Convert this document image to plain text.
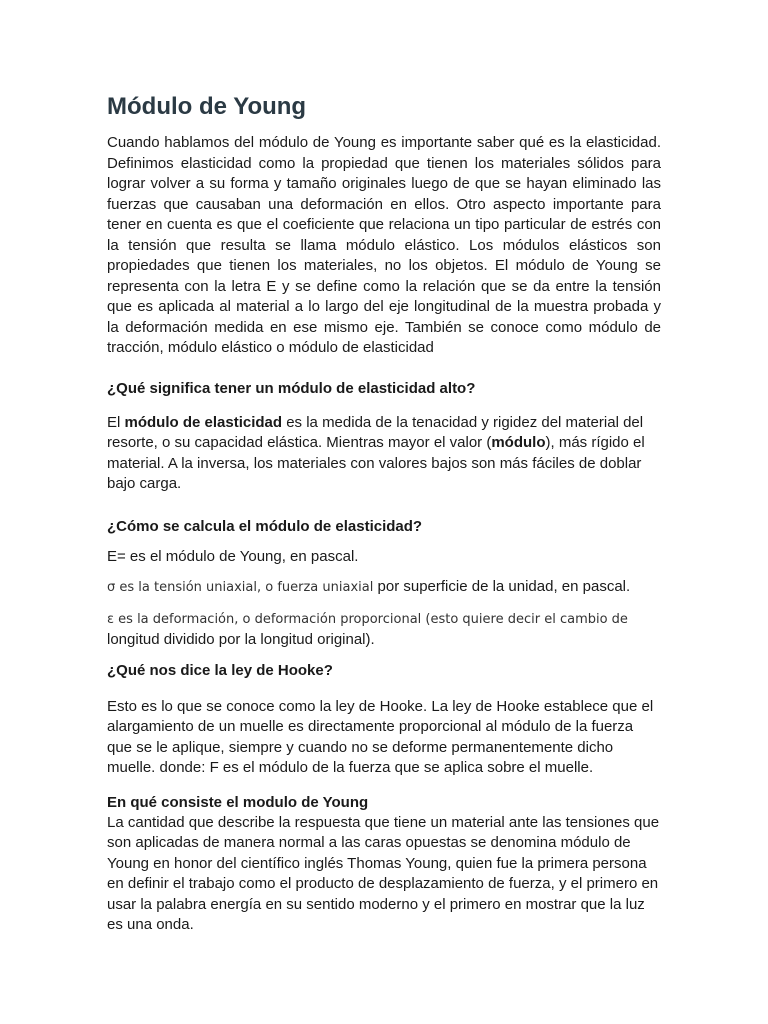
Módulo de Young

Cuando hablamos del módulo de Young es importante saber qué es la elasticidad. Definimos elasticidad como la propiedad que tienen los materiales sólidos para lograr volver a su forma y tamaño originales luego de que se hayan eliminado las fuerzas que causaban una deformación en ellos. Otro aspecto importante para tener en cuenta es que el coeficiente que relaciona un tipo particular de estrés con la tensión que resulta se llama módulo elástico. Los módulos elásticos son propiedades que tienen los materiales, no los objetos. El módulo de Young se representa con la letra E y se define como la relación que se da entre la tensión que es aplicada al material a lo largo del eje longitudinal de la muestra probada y la deformación medida en ese mismo eje. También se conoce como módulo de tracción, módulo elástico o módulo de elasticidad

¿Qué significa tener un módulo de elasticidad alto?

El módulo de elasticidad es la medida de la tenacidad y rigidez del material del resorte, o su capacidad elástica. Mientras mayor el valor (módulo), más rígido el material. A la inversa, los materiales con valores bajos son más fáciles de doblar bajo carga.

¿Cómo se calcula el módulo de elasticidad?

E= es el módulo de Young, en pascal.

σ es la tensión uniaxial, o fuerza uniaxial por superficie de la unidad, en pascal.

ε es la deformación, o deformación proporcional (esto quiere decir el cambio de
longitud dividido por la longitud original).

¿Qué nos dice la ley de Hooke?

Esto es lo que se conoce como la ley de Hooke. La ley de Hooke establece que el alargamiento de un muelle es directamente proporcional al módulo de la fuerza que se le aplique, siempre y cuando no se deforme permanentemente dicho muelle. donde: F es el módulo de la fuerza que se aplica sobre el muelle.

En qué consiste el modulo de Young

La cantidad que describe la respuesta que tiene un material ante las tensiones que son aplicadas de manera normal a las caras opuestas se denomina módulo de Young en honor del científico inglés Thomas Young, quien fue la primera persona en definir el trabajo como el producto de desplazamiento de fuerza, y el primero en usar la palabra energía en su sentido moderno y el primero en mostrar que la luz es una onda.
